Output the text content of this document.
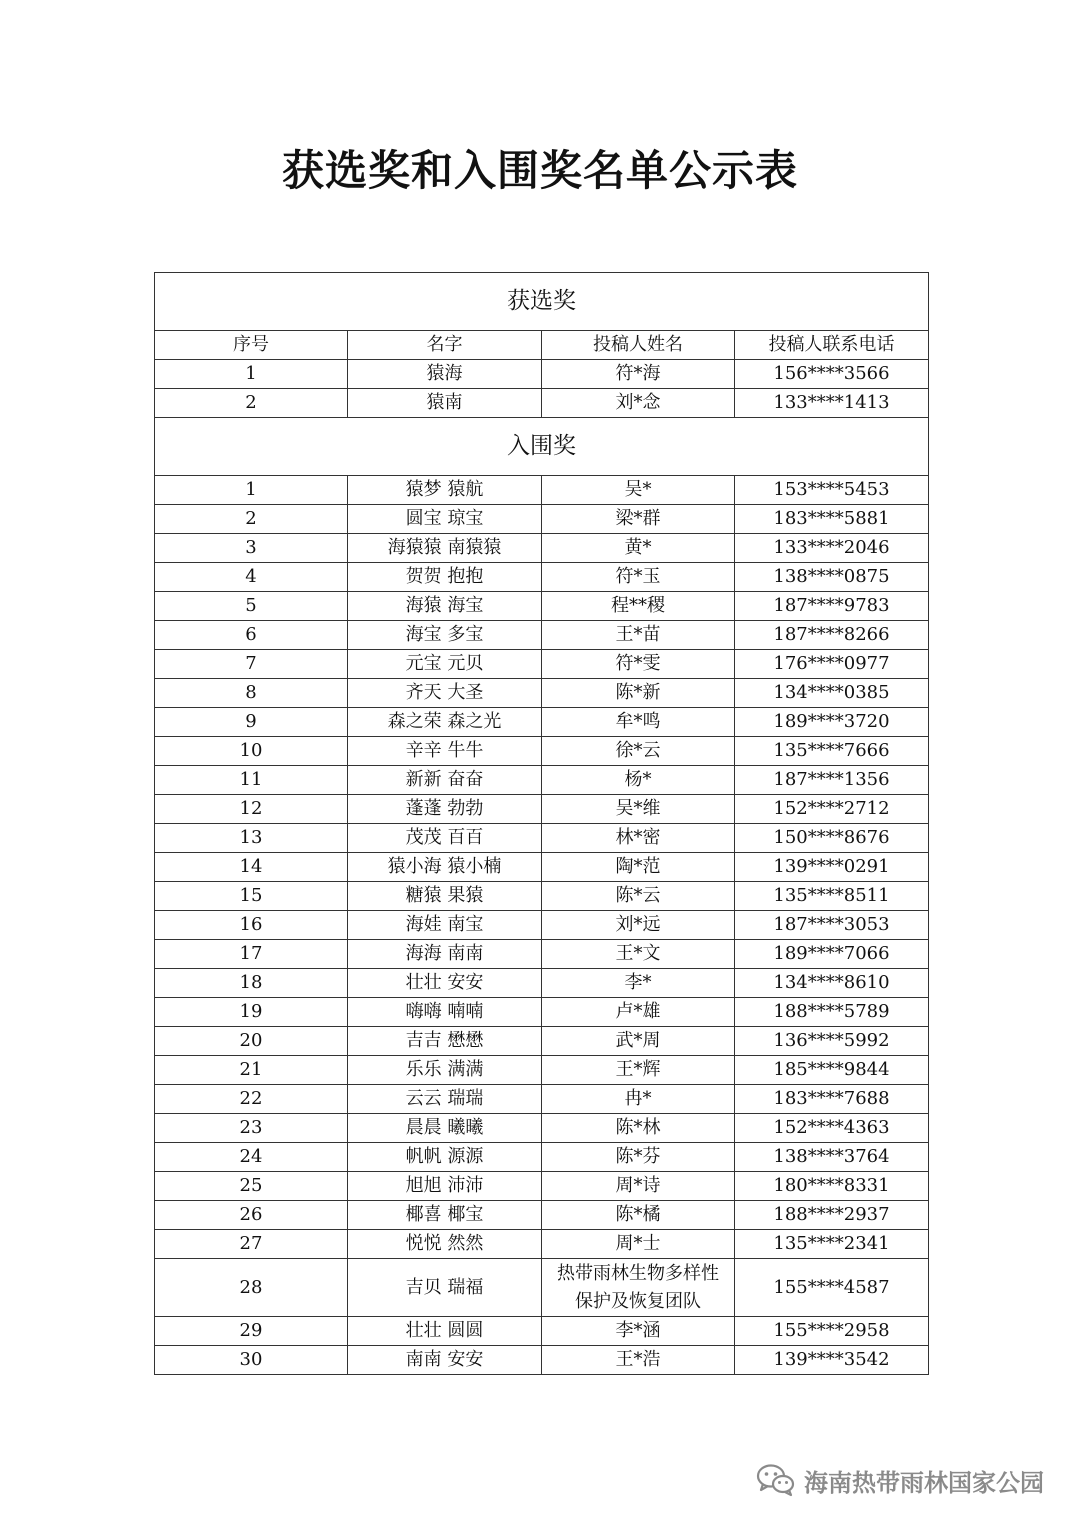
获选奖和入围奖名单公示表
获选奖			
序号	名字	投稿人姓名	投稿人联系电话
1	猿海	符*海	156****3566
2	猿南	刘*念	133****1413
入围奖			
1	猿梦 猿航	吴*	153****5453
2	圆宝 琼宝	梁*群	183****5881
3	海猿猿 南猿猿	黄*	133****2046
4	贺贺 抱抱	符*玉	138****0875
5	海猿 海宝	程**稷	187****9783
6	海宝 多宝	王*苗	187****8266
7	元宝 元贝	符*雯	176****0977
8	齐天 大圣	陈*新	134****0385
9	森之荣 森之光	牟*鸣	189****3720
10	辛辛 牛牛	徐*云	135****7666
11	新新 奋奋	杨*	187****1356
12	蓬蓬 勃勃	吴*维	152****2712
13	茂茂 百百	林*密	150****8676
14	猿小海 猿小楠	陶*范	139****0291
15	糖猿 果猿	陈*云	135****8511
16	海娃 南宝	刘*远	187****3053
17	海海 南南	王*文	189****7066
18	壮壮 安安	李*	134****8610
19	嗨嗨 喃喃	卢*雄	188****5789
20	吉吉 懋懋	武*周	136****5992
21	乐乐 满满	王*辉	185****9844
22	云云 瑞瑞	冉*	183****7688
23	晨晨 曦曦	陈*林	152****4363
24	帆帆 源源	陈*芬	138****3764
25	旭旭 沛沛	周*诗	180****8331
26	椰喜 椰宝	陈*橘	188****2937
27	悦悦 然然	周*士	135****2341
28	吉贝 瑞福	热带雨林生物多样性保护及恢复团队	155****4587
29	壮壮 圆圆	李*涵	155****2958
30	南南 安安	王*浩	139****3542
海南热带雨林国家公园
